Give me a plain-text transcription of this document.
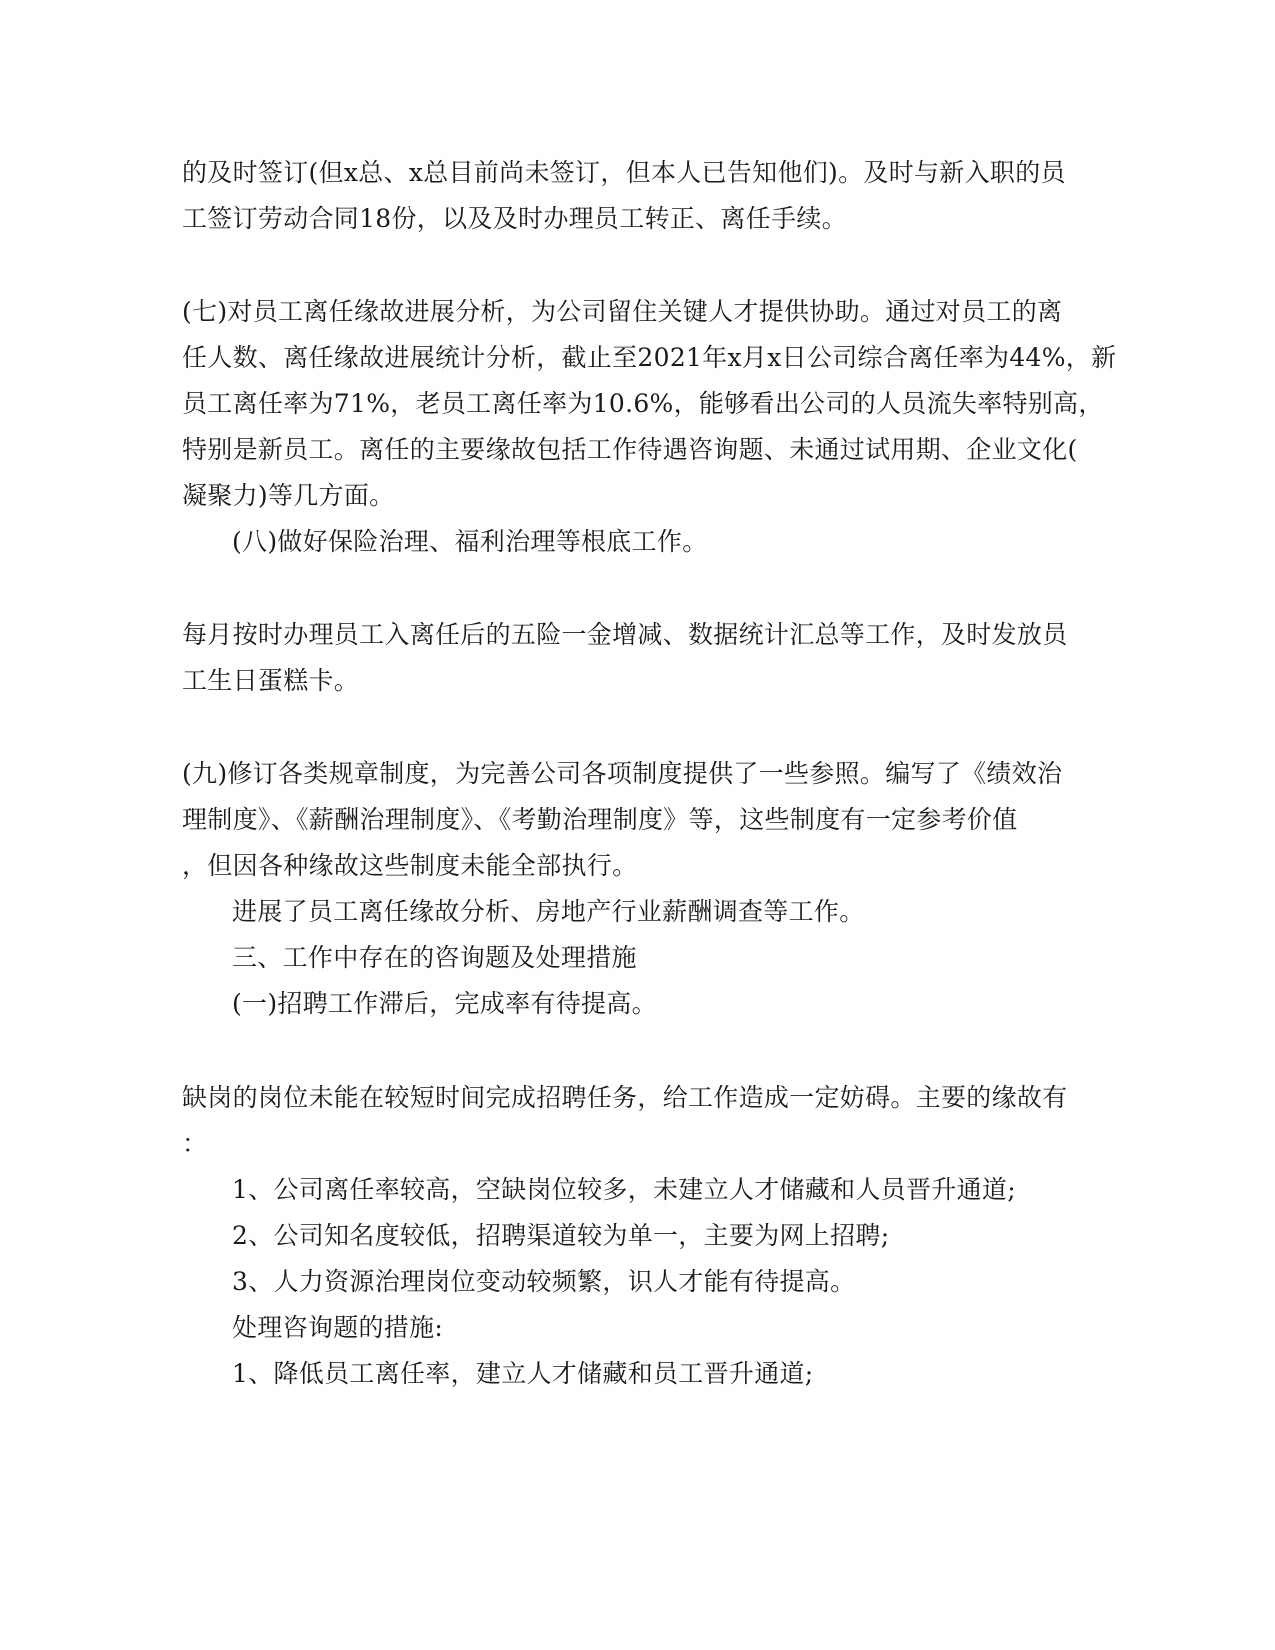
的及时签订(但x总、x总目前尚未签订，但本人已告知他们)。及时与新入职的员
工签订劳动合同18份，以及及时办理员工转正、离任手续。
(七)对员工离任缘故进展分析，为公司留住关键人才提供协助。通过对员工的离
任人数、离任缘故进展统计分析，截止至2021年x月x日公司综合离任率为44%，新
员工离任率为71%，老员工离任率为10.6%，能够看出公司的人员流失率特别高，
特别是新员工。离任的主要缘故包括工作待遇咨询题、未通过试用期、企业文化(
凝聚力)等几方面。
(八)做好保险治理、福利治理等根底工作。
每月按时办理员工入离任后的五险一金增减、数据统计汇总等工作，及时发放员
工生日蛋糕卡。
(九)修订各类规章制度，为完善公司各项制度提供了一些参照。编写了《绩效治
理制度》、《薪酬治理制度》、《考勤治理制度》等，这些制度有一定参考价值
，但因各种缘故这些制度未能全部执行。
进展了员工离任缘故分析、房地产行业薪酬调查等工作。
三、工作中存在的咨询题及处理措施
(一)招聘工作滞后，完成率有待提高。
缺岗的岗位未能在较短时间完成招聘任务，给工作造成一定妨碍。主要的缘故有
：
1、公司离任率较高，空缺岗位较多，未建立人才储藏和人员晋升通道;
2、公司知名度较低，招聘渠道较为单一，主要为网上招聘;
3、人力资源治理岗位变动较频繁，识人才能有待提高。
处理咨询题的措施:
1、降低员工离任率，建立人才储藏和员工晋升通道;
